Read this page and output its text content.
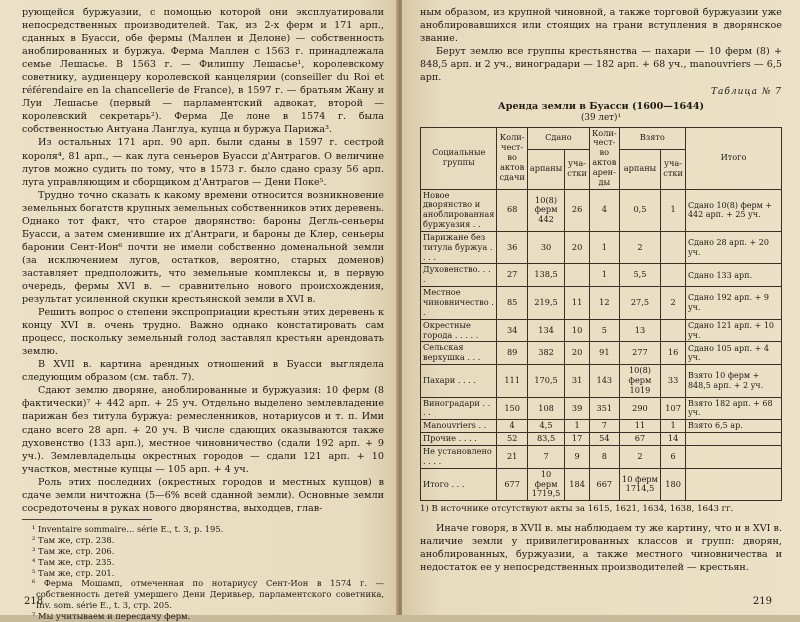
рующейся буржуазии, с помощью которой они эксплуатировали непосредственных производителей. Так, из 2-х ферм и 171 арп., сданных в Буасси, обе фермы (Маллен и Делоне) — собственность аноблированных и буржуа. Ферма Маллен с 1563 г. принадлежала семье Лешасье. В 1563 г. — Филиппу Лешасье¹, королевскому советнику, аудиенцеру королевской канцелярии (conseiller du Roi et référendaire en la chancellerie de France), в 1597 г. — братьям Жану и Луи Лешасье (первый — парламентский адвокат, второй — королевский секретарь²). Ферма Де лоне в 1574 г. была собственностью Антуана Ланглуа, купца и буржуа Парижа³.

Из остальных 171 арп. 90 арп. были сданы в 1597 г. сестрой короля⁴, 81 арп., — как луга сеньеров Буасси д'Антрагов. О величине лугов можно судить по тому, что в 1573 г. было сдано сразу 56 арп. луга управляющим и сборщиком д'Антрагов — Дени Поке⁵.

Трудно точно сказать к какому времени относится возникновение земельных богатств крупных земельных собственников этих деревень. Однако тот факт, что старое дворянство: бароны Дегль-сеньеры Буасси, а затем сменившие их д'Антраги, и бароны де Клер, сеньеры баронии Сент-Ион⁶ почти не имели собственно доменальной земли (за исключением лугов, остатков, вероятно, старых доменов) заставляет предположить, что земельные комплексы и, в первую очередь, фермы XVI в. — сравнительно нового происхождения, результат усиленной скупки крестьянской земли в XVI в.

Решить вопрос о степени экспроприации крестьян этих деревень к концу XVI в. очень трудно. Важно однако констатировать сам процесс, поскольку земельный голод заставлял крестьян арендовать землю.

В XVII в. картина арендных отношений в Буасси выглядела следующим образом (см. табл. 7).

Сдают землю дворяне, аноблированные и буржуазия: 10 ферм (8 фактически)⁷ + 442 арп. + 25 уч. Отдельно выделено землевладение парижан без титула буржуа: ремесленников, нотариусов и т. п. Ими сдано всего 28 арп. + 20 уч. В числе сдающих оказываются также духовенство (133 арп.), местное чиновничество (сдали 192 арп. + 9 уч.). Землевладельцы окрестных городов — сдали 121 арп. + 10 участков, местные купцы — 105 арп. + 4 уч.

Роль этих последних (окрестных городов и местных купцов) в сдаче земли ничтожна (5—6% всей сданной земли). Основные земли сосредоточены в руках нового дворянства, выходцев, глав-

¹ Inventaire sommaire... série E., t. 3, р. 195.
² Там же, стр. 238.
³ Там же, стр. 206.
⁴ Там же, стр. 235.
⁵ Там же, стр. 201.
⁶ Ферма Мошамп, отмеченная по нотариусу Сент-Ион в 1574 г. — собственность детей умершего Дени Деривьер, парламентского советника, Inv. som. série E., t. 3, стр. 205.
⁷ Мы учитываем и пересдачу ферм.
218

ным образом, из крупной чиновной, а также торговой буржуазии уже аноблировавшихся или стоящих на грани вступления в дворянское звание.

Берут землю все группы крестьянства — пахари — 10 ферм (8) + 848,5 арп. и 2 уч., виноградари — 182 арп. + 68 уч., manouvriers — 6,5 арп.

Таблица № 7
Аренда земли в Буасси (1600—1644)
(39 лет)¹
Социальные группы	Коли-чест-во актов сдачи	Сдано		Коли-чест-во актов арен-ды	Взято		Итого
		арпаны	уча-стки		арпаны	уча-стки	
Новое дворянство и аноблированная буржуазия . .	68	10(8) ферм 442	26	4	0,5	1	Сдано 10(8) ферм + 442 арп. + 25 уч.
Парижане без титула буржуа . . . .	36	30	20	1	2		Сдано 28 арп. + 20 уч.
Духовенство. . . .	27	138,5		1	5,5		Сдано 133 арп.
Местное чиновничество . .	85	219,5	11	12	27,5	2	Сдано 192 арп. + 9 уч.
Окрестные города . . . . .	34	134	10	5	13		Сдано 121 арп. + 10 уч.
Сельская верхушка . . .	89	382	20	91	277	16	Сдано 105 арп. + 4 уч.
Пахари . . . .	111	170,5	31	143	10(8) ферм 1019	33	Взято 10 ферм + 848,5 арп. + 2 уч.
Виноградари . . . .	150	108	39	351	290	107	Взято 182 арп. + 68 уч.
Manouvriers . .	4	4,5	1	7	11	1	Взято 6,5 ар.
Прочие . . . .	52	83,5	17	54	67	14	
Не установлено . . . .	21	7	9	8	2	6	
Итого . . .	677	10 ферм 1719,5	184	667	10 ферм 1714,5	180	
1) В источнике отсутствуют акты за 1615, 1621, 1634, 1638, 1643 гг.

Иначе говоря, в XVII в. мы наблюдаем ту же картину, что и в XVI в. наличие земли у привилегированных классов и групп: дворян, аноблированных, буржуазии, а также местного чиновничества и недостаток ее у непосредственных производителей — крестьян.

219
